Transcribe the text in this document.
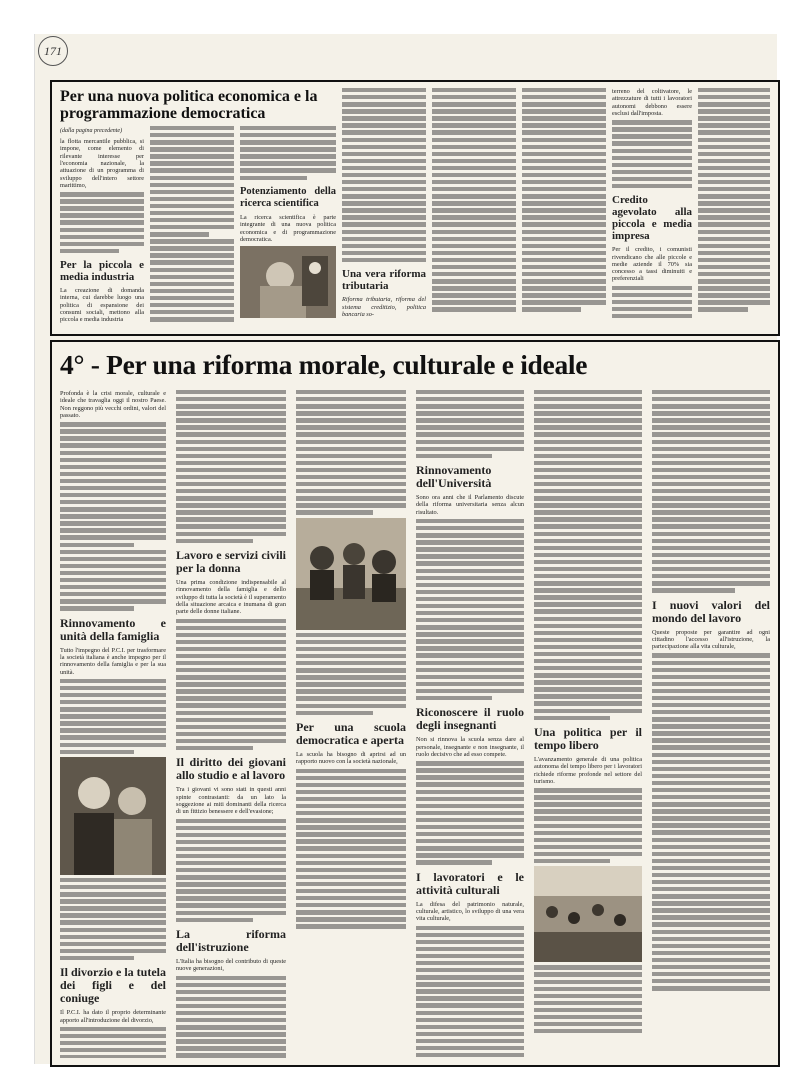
171
Per una nuova politica economica e la programmazione democratica
(dalla pagina precedente)
la flotta mercantile pubblica, si impone, come elemento di rilevante interesse per l'economia nazionale, la attuazione di un programma di sviluppo dell'intero settore marittimo,
Per la piccola e media industria
La creazione di domanda interna, cui darebbe luogo una politica di espansione dei consumi sociali, mettono alla piccola e media industria
Potenziamento della ricerca scientifica
La ricerca scientifica è parte integrante di una nuova politica economica e di programmazione democratica.
Una vera riforma tributaria
Riforma tributaria, riforma del sistema creditizio, politica bancaria so-
terreno del coltivatore, le attrezzature di tutti i lavoratori autonomi debbono essere esclusi dall'imposta.
Credito agevolato alla piccola e media impresa
Per il credito, i comunisti rivendicano che alle piccole e medie aziende il 70% sia concesso a tassi diminuiti e preferenziali
4° - Per una riforma morale, culturale e ideale
Profonda è la crisi morale, culturale e ideale che travaglia oggi il nostro Paese. Non reggono più vecchi ordini, valori del passato.
Rinnovamento e unità della famiglia
Tutto l'impegno del P.C.I. per trasformare la società italiana è anche impegno per il rinnovamento della famiglia e per la sua unità.
Il divorzio e la tutela dei figli e del coniuge
Il P.C.I. ha dato il proprio determinante apporto all'introduzione del divorzio,
Lavoro e servizi civili per la donna
Una prima condizione indispensabile al rinnovamento della famiglia e dello sviluppo di tutta la società è il superamento della situazione arcaica e inumana di gran parte delle donne italiane.
Il diritto dei giovani allo studio e al lavoro
Tra i giovani vi sono stati in questi anni spinte contrastanti: da un lato la soggezione ai miti dominanti della ricerca di un fittizio benessere e dell'evasione;
La riforma dell'istruzione
L'Italia ha bisogno del contributo di queste nuove generazioni,
Per una scuola democratica e aperta
La scuola ha bisogno di aprirsi ad un rapporto nuovo con la società nazionale,
Rinnovamento dell'Università
Sono ora anni che il Parlamento discute della riforma universitaria senza alcun risultato.
Riconoscere il ruolo degli insegnanti
Non si rinnova la scuola senza dare al personale, insegnante e non insegnante, il ruolo decisivo che ad esso compete.
I lavoratori e le attività culturali
La difesa del patrimonio naturale, culturale, artistico, lo sviluppo di una vera vita culturale,
Una politica per il tempo libero
L'avanzamento generale di una politica autonoma del tempo libero per i lavoratori richiede riforme profonde nel settore del turismo.
I nuovi valori del mondo del lavoro
Queste proposte per garantire ad ogni cittadino l'accesso all'istruzione, la partecipazione alla vita culturale,
